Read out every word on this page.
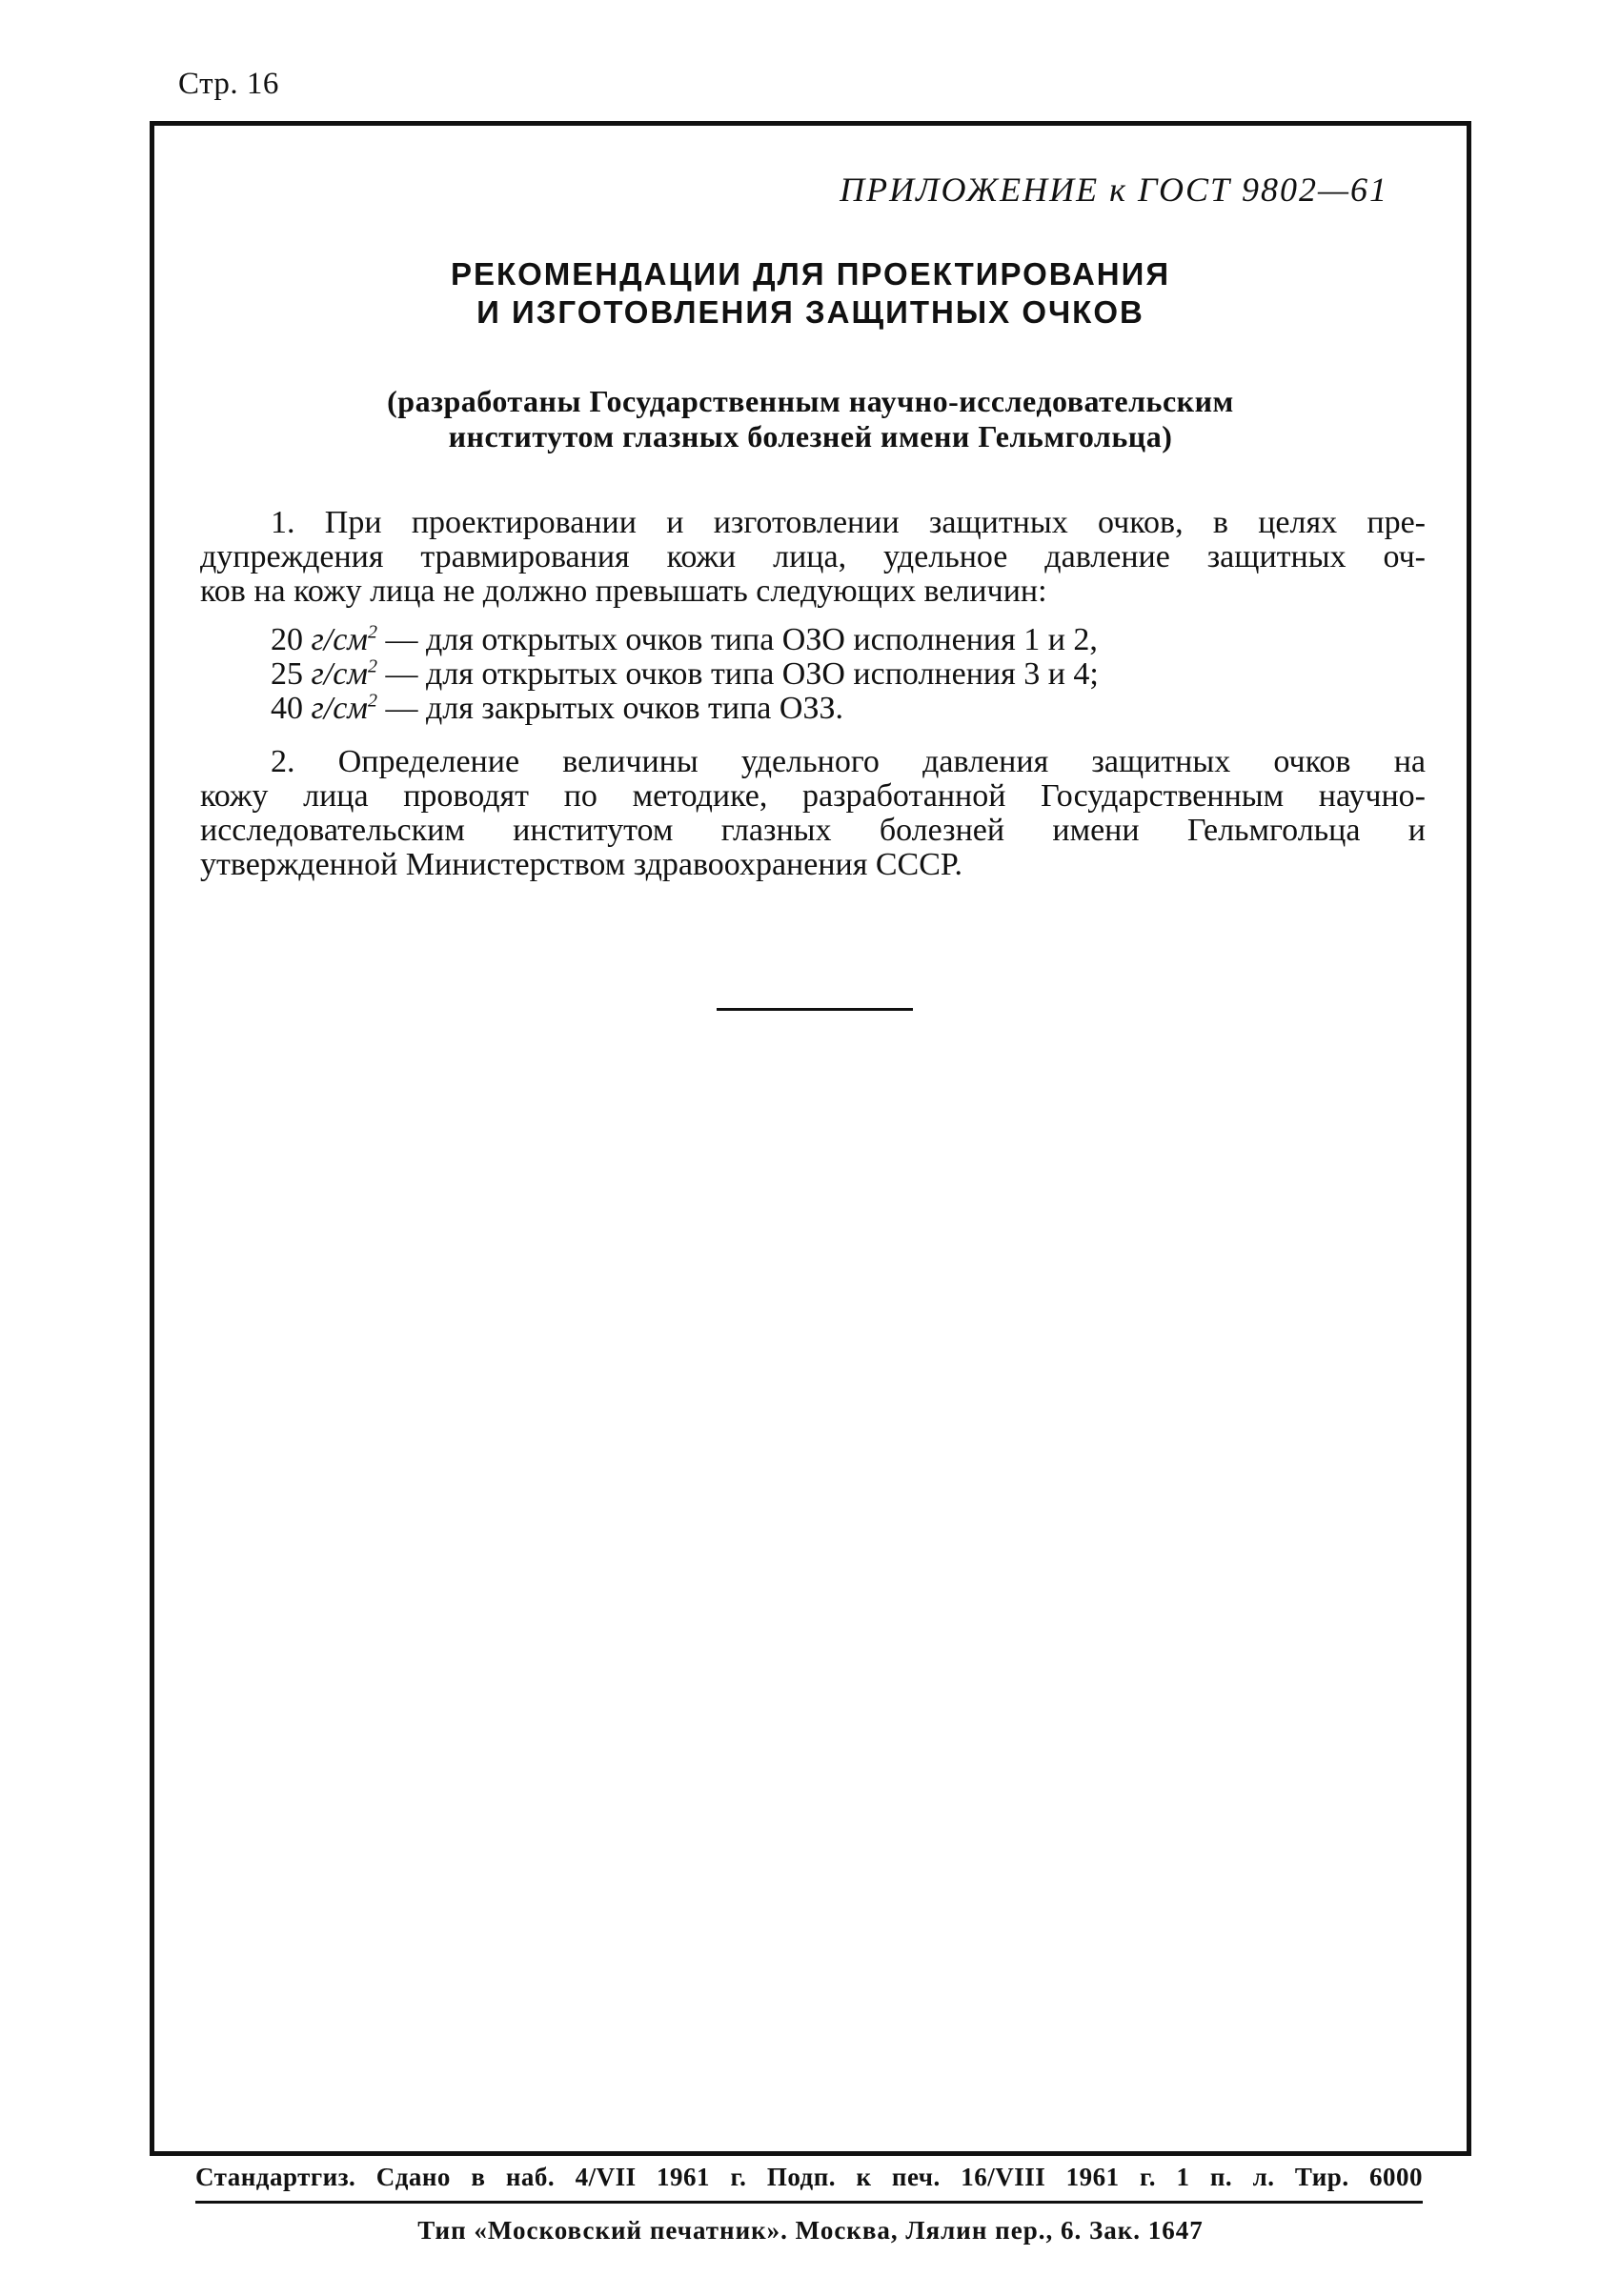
Стр. 16
ПРИЛОЖЕНИЕ к ГОСТ 9802—61
РЕКОМЕНДАЦИИ ДЛЯ ПРОЕКТИРОВАНИЯ
И ИЗГОТОВЛЕНИЯ ЗАЩИТНЫХ ОЧКОВ
(разработаны Государственным научно-исследовательским
институтом глазных болезней имени Гельмгольца)
1. При проектировании и изготовлении защитных очков, в целях пре-
дупреждения травмирования кожи лица, удельное давление защитных оч-
ков на кожу лица не должно превышать следующих величин:
20 $г/см^2$ — для открытых очков типа ОЗО исполнения 1 и 2,
25 $г/см^2$ — для открытых очков типа ОЗО исполнения 3 и 4;
40 $г/см^2$ — для закрытых очков типа ОЗЗ.
2. Определение величины удельного давления защитных очков на
кожу лица проводят по методике, разработанной Государственным научно-
исследовательским институтом глазных болезней имени Гельмгольца и
утвержденной Министерством здравоохранения СССР.
Стандартгиз. Сдано в наб. 4/VII 1961 г. Подп. к печ. 16/VIII 1961 г. 1 п. л. Тир. 6000
Тип «Московский печатник». Москва, Лялин пер., 6. Зак. 1647
